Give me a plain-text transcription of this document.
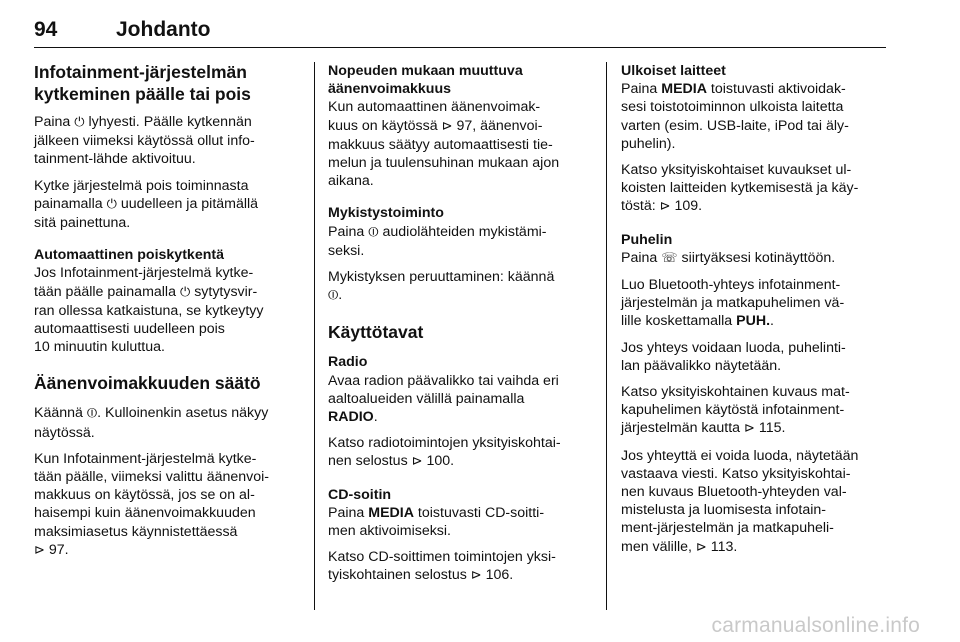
94	Johdanto
Infotainment-järjestelmän
kytkeminen päälle tai pois

Paina ⏻ lyhyesti. Päälle kytkennän
jälkeen viimeksi käytössä ollut info-
tainment-lähde aktivoituu.

Kytke järjestelmä pois toiminnasta
painamalla ⏻ uudelleen ja pitämällä
sitä painettuna.

Automaattinen poiskytkentä

Jos Infotainment-järjestelmä kytke-
tään päälle painamalla ⏻ sytytysvir-
ran ollessa katkaistuna, se kytkeytyy
automaattisesti uudelleen pois
10 minuutin kuluttua.

Äänenvoimakkuuden säätö

Käännä ⏼. Kulloinenkin asetus näkyy
näytössä.

Kun Infotainment-järjestelmä kytke-
tään päälle, viimeksi valittu äänenvoi-
makkuus on käytössä, jos se on al-
haisempi kuin äänenvoimakkuuden
maksimiasetus käynnistettäessä
⊳ 97.

Nopeuden mukaan muuttuva
äänenvoimakkuus

Kun automaattinen äänenvoimak-
kuus on käytössä ⊳ 97, äänenvoi-
makkuus säätyy automaattisesti tie-
melun ja tuulensuhinan mukaan ajon
aikana.

Mykistystoiminto

Paina ⏼ audiolähteiden mykistämi-
seksi.

Mykistyksen peruuttaminen: käännä
⏼.

Käyttötavat
Radio

Avaa radion päävalikko tai vaihda eri
aaltoalueiden välillä painamalla
RADIO.

Katso radiotoimintojen yksityiskohtai-
nen selostus ⊳ 100.

CD-soitin

Paina MEDIA toistuvasti CD-soitti-
men aktivoimiseksi.

Katso CD-soittimen toimintojen yksi-
tyiskohtainen selostus ⊳ 106.

Ulkoiset laitteet

Paina MEDIA toistuvasti aktivoidak-
sesi toistotoiminnon ulkoista laitetta
varten (esim. USB-laite, iPod tai äly-
puhelin).

Katso yksityiskohtaiset kuvaukset ul-
koisten laitteiden kytkemisestä ja käy-
töstä: ⊳ 109.

Puhelin

Paina ☏ siirtyäksesi kotinäyttöön.

Luo Bluetooth-yhteys infotainment-
järjestelmän ja matkapuhelimen vä-
lille koskettamalla PUH..

Jos yhteys voidaan luoda, puhelinti-
lan päävalikko näytetään.

Katso yksityiskohtainen kuvaus mat-
kapuhelimen käytöstä infotainment-
järjestelmän kautta ⊳ 115.

Jos yhteyttä ei voida luoda, näytetään
vastaava viesti. Katso yksityiskohtai-
nen kuvaus Bluetooth-yhteyden val-
mistelusta ja luomisesta infotain-
ment-järjestelmän ja matkapuheli-
men välille, ⊳ 113.

carmanualsonline.info
